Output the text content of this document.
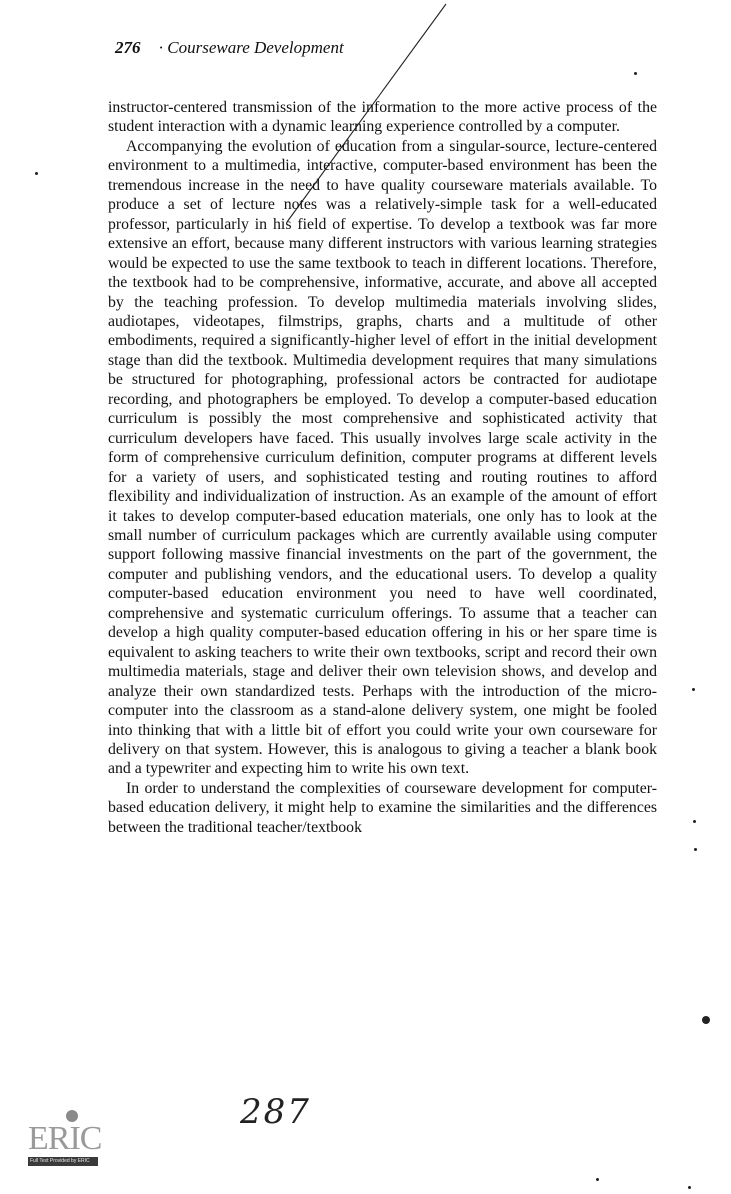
276 · Courseware Development

instructor-centered transmission of the information to the more active process of the student interaction with a dynamic learning experience controlled by a computer.

Accompanying the evolution of education from a singular-source, lecture-centered environment to a multimedia, interactive, computer-based environment has been the tremendous increase in the need to have quality courseware materials available. To produce a set of lecture notes was a relatively-simple task for a well-educated professor, particularly in his field of expertise. To develop a textbook was far more extensive an effort, because many different instructors with various learning strategies would be expected to use the same textbook to teach in different locations. Therefore, the textbook had to be comprehensive, informative, accurate, and above all accepted by the teaching profession. To develop multimedia materials involving slides, audiotapes, videotapes, filmstrips, graphs, charts and a multitude of other embodiments, required a significantly-higher level of effort in the initial development stage than did the textbook. Multimedia development requires that many simulations be structured for photographing, professional actors be contracted for audiotape recording, and photographers be employed. To develop a computer-based education curriculum is possibly the most comprehensive and sophisticated activity that curriculum developers have faced. This usually involves large scale activity in the form of comprehensive curriculum definition, computer programs at different levels for a variety of users, and sophisticated testing and routing routines to afford flexibility and individualization of instruction. As an example of the amount of effort it takes to develop computer-based education materials, one only has to look at the small number of curriculum packages which are currently available using computer support following massive financial investments on the part of the government, the computer and publishing vendors, and the educational users. To develop a quality computer-based education environment you need to have well coordinated, comprehensive and systematic curriculum offerings. To assume that a teacher can develop a high quality computer-based education offering in his or her spare time is equivalent to asking teachers to write their own textbooks, script and record their own multimedia materials, stage and deliver their own television shows, and develop and analyze their own standardized tests. Perhaps with the introduction of the micro-computer into the classroom as a stand-alone delivery system, one might be fooled into thinking that with a little bit of effort you could write your own courseware for delivery on that system. However, this is analogous to giving a teacher a blank book and a typewriter and expecting him to write his own text.

In order to understand the complexities of courseware development for computer-based education delivery, it might help to examine the similarities and the differences between the traditional teacher/textbook

287
ERIC
Full Text Provided by ERIC
